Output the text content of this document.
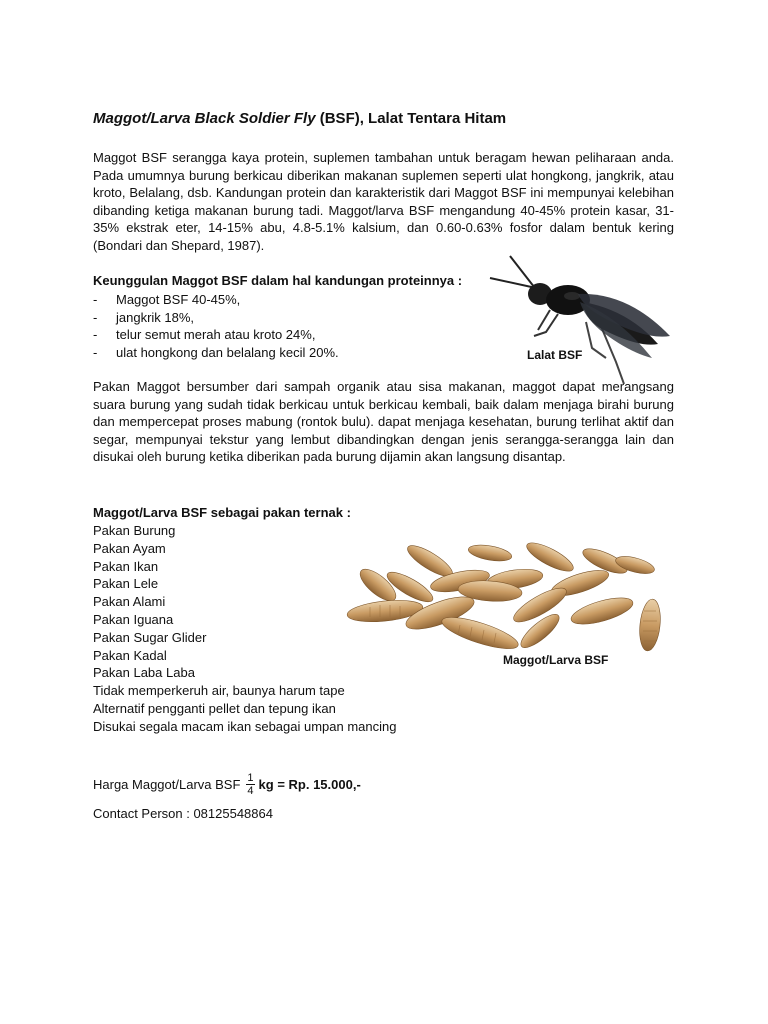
Maggot/Larva Black Soldier Fly (BSF), Lalat Tentara Hitam

Maggot BSF serangga kaya protein, suplemen tambahan untuk beragam hewan peliharaan anda. Pada umumnya burung berkicau diberikan makanan suplemen seperti ulat hongkong, jangkrik, atau kroto, Belalang, dsb. Kandungan protein dan karakteristik dari Maggot BSF ini mempunyai kelebihan dibanding ketiga makanan burung tadi. Maggot/larva BSF mengandung 40-45% protein kasar, 31-35% ekstrak eter, 14-15% abu, 4.8-5.1% kalsium, dan 0.60-0.63% fosfor dalam bentuk kering (Bondari dan Shepard, 1987).

Keunggulan Maggot BSF dalam hal kandungan proteinnya :
- Maggot BSF 40-45%,
- jangkrik 18%,
- telur semut merah atau kroto 24%,
- ulat hongkong dan belalang kecil 20%.	Lalat BSF

Pakan Maggot bersumber dari sampah organik atau sisa makanan, maggot dapat merangsang suara burung yang sudah tidak berkicau untuk berkicau kembali, baik dalam menjaga birahi burung dan mempercepat proses mabung (rontok bulu). dapat menjaga kesehatan, burung terlihat aktif dan segar, mempunyai tekstur yang lembut dibandingkan dengan jenis serangga-serangga lain dan disukai oleh burung ketika diberikan pada burung dijamin akan langsung disantap.

Maggot/Larva BSF sebagai pakan ternak :
Pakan Burung
Pakan Ayam
Pakan Ikan
Pakan Lele
Pakan Alami
Pakan Iguana
Pakan Sugar Glider
Pakan Kadal
Pakan Laba Laba
Tidak memperkeruh air, baunya harum tape
Alternatif pengganti pellet dan tepung ikan
Disukai segala macam ikan sebagai umpan mancing
Maggot/Larva BSF
Harga Maggot/Larva BSF $\frac{1}{4}$ kg = Rp. 15.000,-
Contact Person : 08125548864
